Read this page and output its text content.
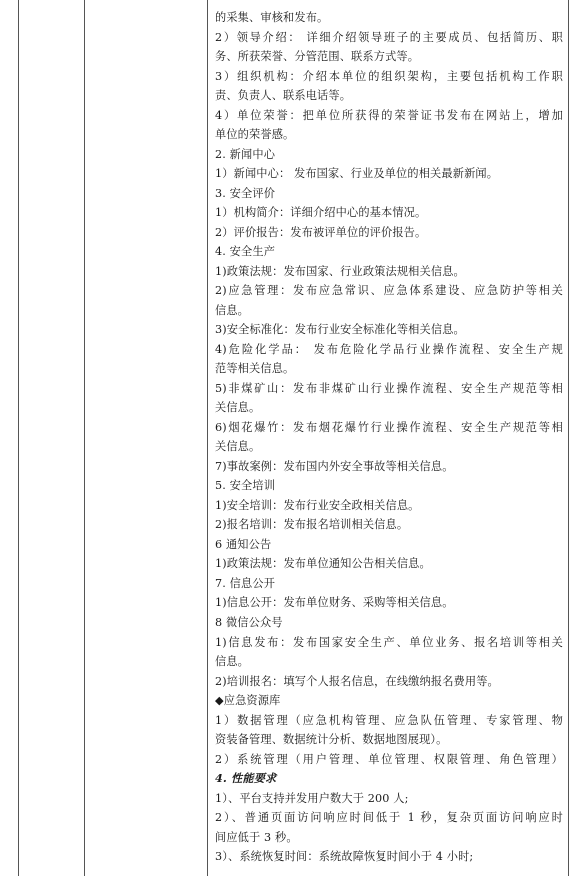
的采集、审核和发布。
2）领导介绍： 详细介绍领导班子的主要成员、包括简历、职
务、所获荣誉、分管范围、联系方式等。
3）组织机构：介绍本单位的组织架构，主要包括机构工作职
责、负责人、联系电话等。
4）单位荣誉：把单位所获得的荣誉证书发布在网站上，增加
单位的荣誉感。
2. 新闻中心
1）新闻中心： 发布国家、行业及单位的相关最新新闻。
3. 安全评价
1）机构简介：详细介绍中心的基本情况。
2）评价报告：发布被评单位的评价报告。
4. 安全生产
1)政策法规：发布国家、行业政策法规相关信息。
2)应急管理：发布应急常识、应急体系建设、应急防护等相关
信息。
3)安全标准化：发布行业安全标准化等相关信息。
4)危险化学品： 发布危险化学品行业操作流程、安全生产规
范等相关信息。
5)非煤矿山：发布非煤矿山行业操作流程、安全生产规范等相
关信息。
6)烟花爆竹：发布烟花爆竹行业操作流程、安全生产规范等相
关信息。
7)事故案例：发布国内外安全事故等相关信息。
5. 安全培训
1)安全培训：发布行业安全政相关信息。
2)报名培训：发布报名培训相关信息。
6 通知公告
1)政策法规：发布单位通知公告相关信息。
7. 信息公开
1)信息公开：发布单位财务、采购等相关信息。
8 微信公众号
1)信息发布：发布国家安全生产、单位业务、报名培训等相关
信息。
2)培训报名：填写个人报名信息，在线缴纳报名费用等。
◆应急资源库
1）数据管理（应急机构管理、应急队伍管理、专家管理、物
资装备管理、数据统计分析、数据地图展现）。
2）系统管理（用户管理、单位管理、权限管理、角色管理）
4. 性能要求
1）、平台支持并发用户数大于 200 人;
2）、普通页面访问响应时间低于 1 秒，复杂页面访问响应时
间应低于 3 秒。
3）、系统恢复时间：系统故障恢复时间小于 4 小时;
